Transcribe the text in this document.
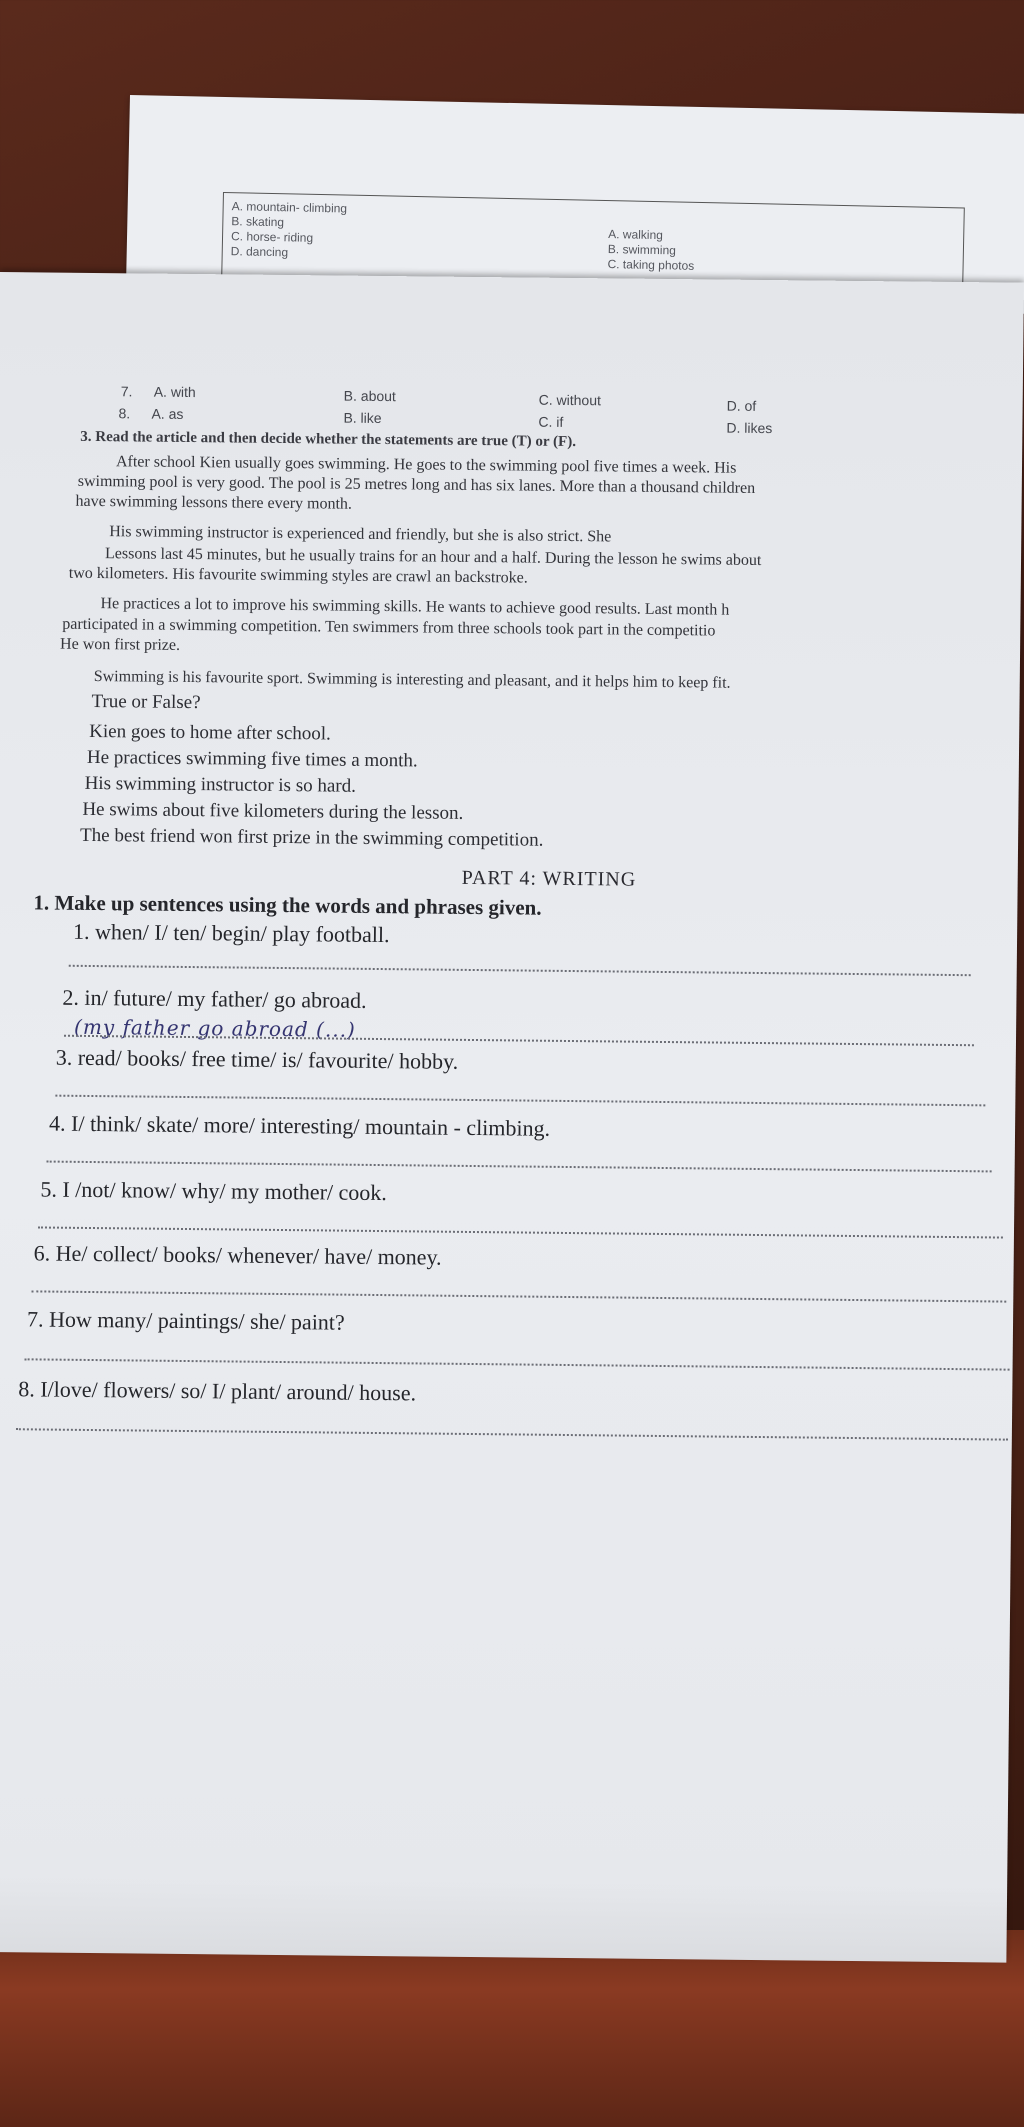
A. mountain- climbing
B. skating
C. horse- riding
D. dancing
A. walking
B. swimming
C. taking photos
7. A. with	B. about	C. without	D. of
8. A. as	B. like	C. if	D. likes
3. Read the article and then decide whether the statements are true (T) or (F).
After school Kien usually goes swimming. He goes to the swimming pool five times a week. His
swimming pool is very good. The pool is 25 metres long and has six lanes. More than a thousand children
have swimming lessons there every month.
His swimming instructor is experienced and friendly, but she is also strict. She
Lessons last 45 minutes, but he usually trains for an hour and a half. During the lesson he swims about
two kilometers. His favourite swimming styles are crawl an backstroke.
He practices a lot to improve his swimming skills. He wants to achieve good results. Last month h
participated in a swimming competition. Ten swimmers from three schools took part in the competitio
He won first prize.
Swimming is his favourite sport. Swimming is interesting and pleasant, and it helps him to keep fit.
True or False?
Kien goes to home after school.
He practices swimming five times a month.
His swimming instructor is so hard.
He swims about five kilometers during the lesson.
The best friend won first prize in the swimming competition.
PART 4: WRITING
1. Make up sentences using the words and phrases given.
1. when/ I/ ten/ begin/ play football.
2. in/ future/ my father/ go abroad.
(my father go abroad (...)
3. read/ books/ free time/ is/ favourite/ hobby.
4. I/ think/ skate/ more/ interesting/ mountain - climbing.
5. I /not/ know/ why/ my mother/ cook.
6. He/ collect/ books/ whenever/ have/ money.
7. How many/ paintings/ she/ paint?
8. I/love/ flowers/ so/ I/ plant/ around/ house.
